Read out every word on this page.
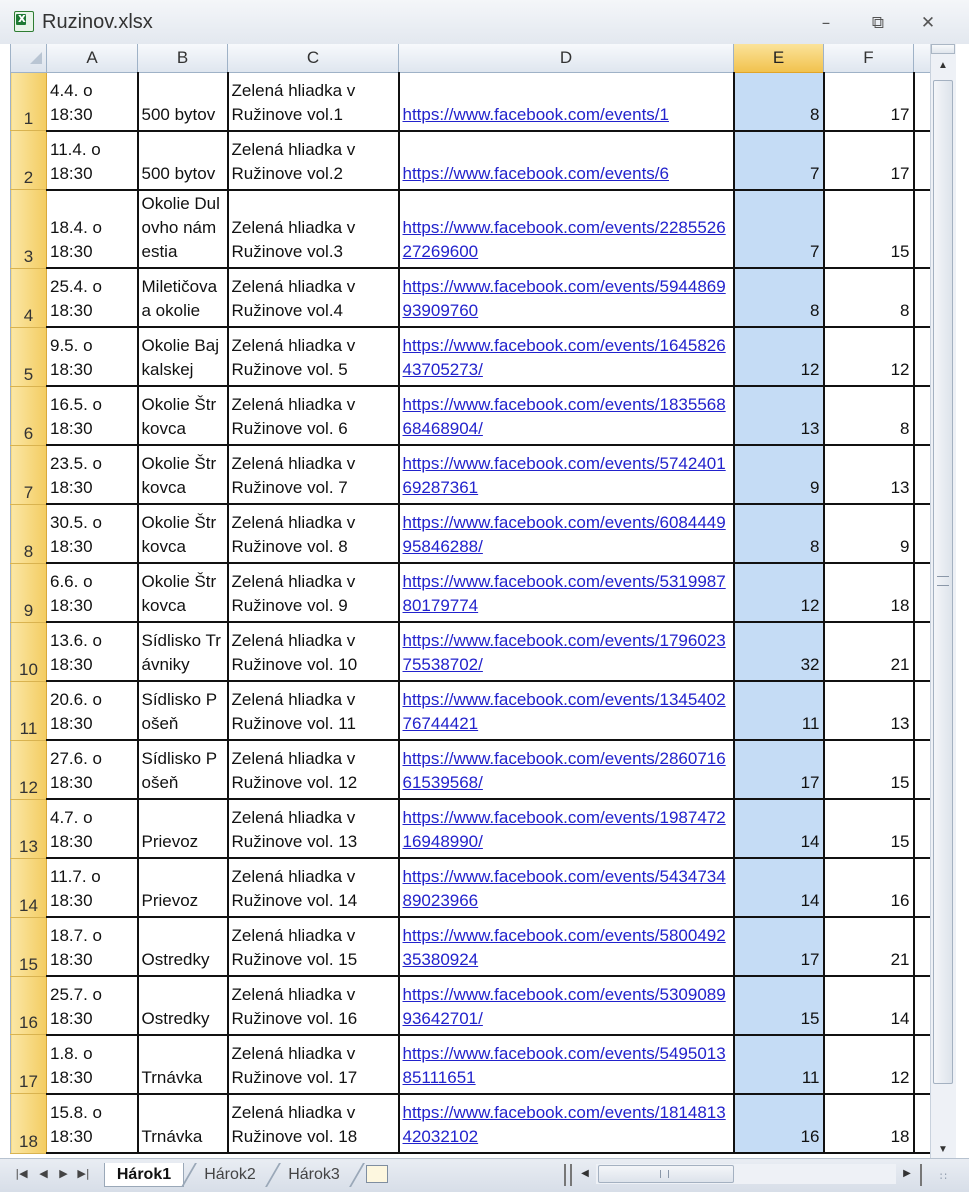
x
Ruzinov.xlsx	–	⧉	✕
	A	B	C	D	E	F	
1	4.4. o 18:30	500 bytov	Zelená hliadka v Ružinove vol.1	https://www.facebook.com/events/1	8	17	
2	11.4. o 18:30	500 bytov	Zelená hliadka v Ružinove vol.2	https://www.facebook.com/events/6	7	17	
3	18.4. o 18:30	Okolie Dulovho námestia	Zelená hliadka v Ružinove vol.3	https://www.facebook.com/events/228552627269600	7	15	
4	25.4. o 18:30	Miletičova a okolie	Zelená hliadka v Ružinove vol.4	https://www.facebook.com/events/594486993909760	8	8	
5	9.5. o 18:30	Okolie Bajkalskej	Zelená hliadka v Ružinove vol. 5	https://www.facebook.com/events/164582643705273/	12	12	
6	16.5. o 18:30	Okolie Štrkovca	Zelená hliadka v Ružinove vol. 6	https://www.facebook.com/events/183556868468904/	13	8	
7	23.5. o 18:30	Okolie Štrkovca	Zelená hliadka v Ružinove vol. 7	https://www.facebook.com/events/574240169287361	9	13	
8	30.5. o 18:30	Okolie Štrkovca	Zelená hliadka v Ružinove vol. 8	https://www.facebook.com/events/608444995846288/	8	9	
9	6.6. o 18:30	Okolie Štrkovca	Zelená hliadka v Ružinove vol. 9	https://www.facebook.com/events/531998780179774	12	18	
10	13.6. o 18:30	Sídlisko Trávniky	Zelená hliadka v Ružinove vol. 10	https://www.facebook.com/events/179602375538702/	32	21	
11	20.6. o 18:30	Sídlisko Pošeň	Zelená hliadka v Ružinove vol. 11	https://www.facebook.com/events/134540276744421	11	13	
12	27.6. o 18:30	Sídlisko Pošeň	Zelená hliadka v Ružinove vol. 12	https://www.facebook.com/events/286071661539568/	17	15	
13	4.7. o 18:30	Prievoz	Zelená hliadka v Ružinove vol. 13	https://www.facebook.com/events/198747216948990/	14	15	
14	11.7. o 18:30	Prievoz	Zelená hliadka v Ružinove vol. 14	https://www.facebook.com/events/543473489023966	14	16	
15	18.7. o 18:30	Ostredky	Zelená hliadka v Ružinove vol. 15	https://www.facebook.com/events/580049235380924	17	21	
16	25.7. o 18:30	Ostredky	Zelená hliadka v Ružinove vol. 16	https://www.facebook.com/events/530908993642701/	15	14	
17	1.8. o 18:30	Trnávka	Zelená hliadka v Ružinove vol. 17	https://www.facebook.com/events/549501385111651	11	12	
18	15.8. o 18:30	Trnávka	Zelená hliadka v Ružinove vol. 18	https://www.facebook.com/events/181481342032102	16	18	
▲
▼
|◀ ◀ ▶ ▶|	Hárok1	Hárok2	Hárok3	◀	▶	∷
